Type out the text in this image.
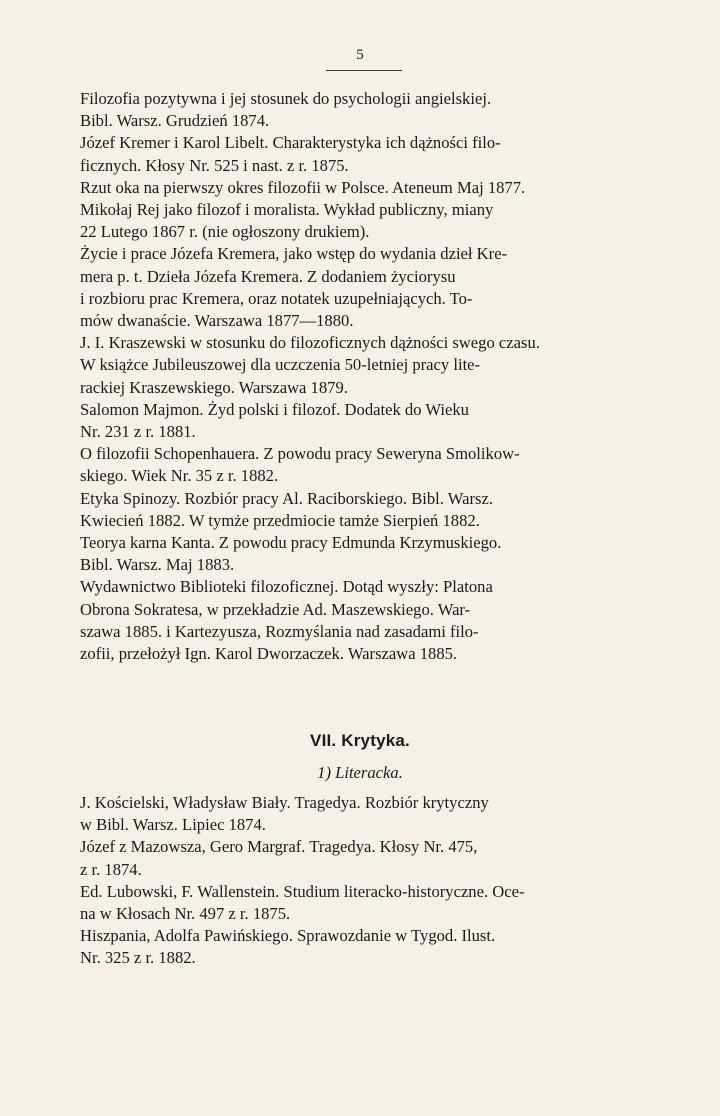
5
Filozofia pozytywna i jej stosunek do psychologii angielskiej.
Bibl. Warsz. Grudzień 1874.
Józef Kremer i Karol Libelt. Charakterystyka ich dążności filo-
ficznych. Kłosy Nr. 525 i nast. z r. 1875.
Rzut oka na pierwszy okres filozofii w Polsce. Ateneum Maj 1877.
Mikołaj Rej jako filozof i moralista. Wykład publiczny, miany
22 Lutego 1867 r. (nie ogłoszony drukiem).
Życie i prace Józefa Kremera, jako wstęp do wydania dzieł Kre-
mera p. t. Dzieła Józefa Kremera. Z dodaniem życiorysu
i rozbioru prac Kremera, oraz notatek uzupełniających. To-
mów dwanaście. Warszawa 1877—1880.
J. I. Kraszewski w stosunku do filozoficznych dążności swego czasu.
W książce Jubileuszowej dla uczczenia 50-letniej pracy lite-
rackiej Kraszewskiego. Warszawa 1879.
Salomon Majmon. Żyd polski i filozof. Dodatek do Wieku
Nr. 231 z r. 1881.
O filozofii Schopenhauera. Z powodu pracy Seweryna Smolikow-
skiego. Wiek Nr. 35 z r. 1882.
Etyka Spinozy. Rozbiór pracy Al. Raciborskiego. Bibl. Warsz.
Kwiecień 1882. W tymże przedmiocie tamże Sierpień 1882.
Teorya karna Kanta. Z powodu pracy Edmunda Krzymuskiego.
Bibl. Warsz. Maj 1883.
Wydawnictwo Biblioteki filozoficznej. Dotąd wyszły: Platona
Obrona Sokratesa, w przekładzie Ad. Maszewskiego. War-
szawa 1885. i Kartezyusza, Rozmyślania nad zasadami filo-
zofii, przełożył Ign. Karol Dworzaczek. Warszawa 1885.
VII. Krytyka.
1) Literacka.
J. Kościelski, Władysław Biały. Tragedya. Rozbiór krytyczny
w Bibl. Warsz. Lipiec 1874.
Józef z Mazowsza, Gero Margraf. Tragedya. Kłosy Nr. 475,
z r. 1874.
Ed. Lubowski, F. Wallenstein. Studium literacko-historyczne. Oce-
na w Kłosach Nr. 497 z r. 1875.
Hiszpania, Adolfa Pawińskiego. Sprawozdanie w Tygod. Ilust.
Nr. 325 z r. 1882.
